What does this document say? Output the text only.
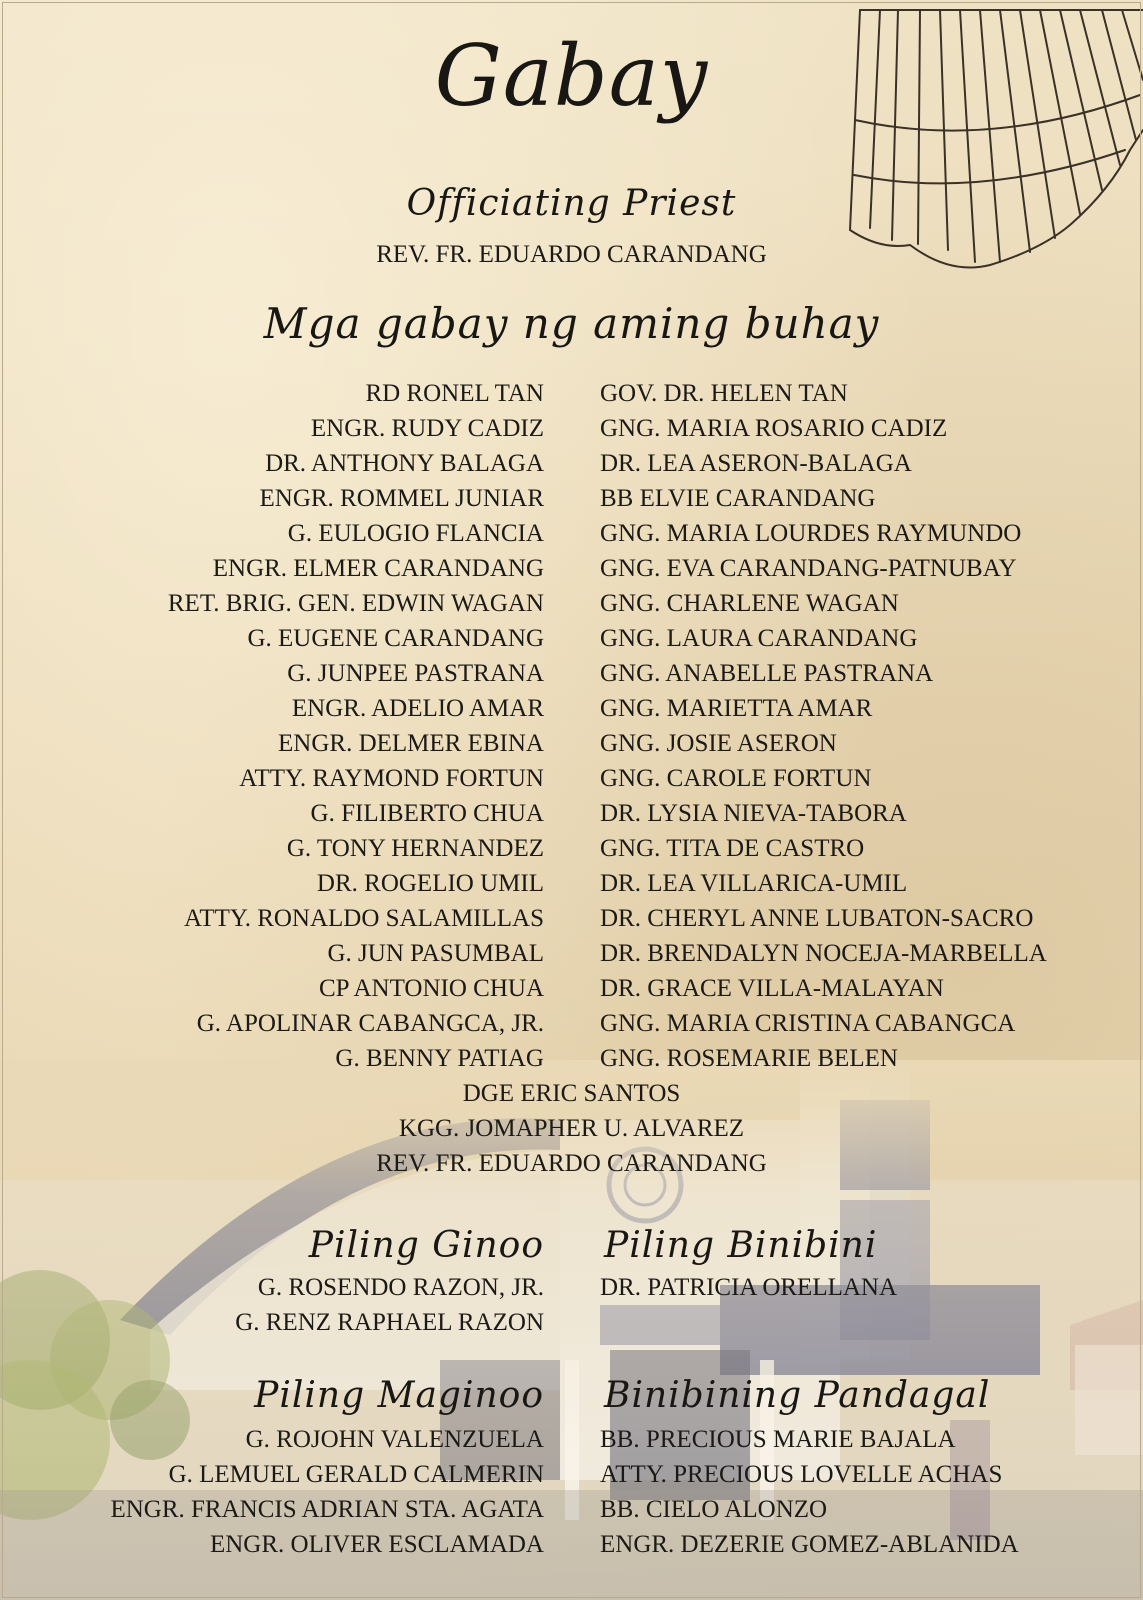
Gabay
Officiating Priest
REV. FR. EDUARDO CARANDANG
Mga gabay ng aming buhay
RD RONEL TAN GOV. DR. HELEN TAN
ENGR. RUDY CADIZ GNG. MARIA ROSARIO CADIZ
DR. ANTHONY BALAGA DR. LEA ASERON-BALAGA
ENGR. ROMMEL JUNIAR BB ELVIE CARANDANG
G. EULOGIO FLANCIA GNG. MARIA LOURDES RAYMUNDO
ENGR. ELMER CARANDANG GNG. EVA CARANDANG-PATNUBAY
RET. BRIG. GEN. EDWIN WAGAN GNG. CHARLENE WAGAN
G. EUGENE CARANDANG GNG. LAURA CARANDANG
G. JUNPEE PASTRANA GNG. ANABELLE PASTRANA
ENGR. ADELIO AMAR GNG. MARIETTA AMAR
ENGR. DELMER EBINA GNG. JOSIE ASERON
ATTY. RAYMOND FORTUN GNG. CAROLE FORTUN
G. FILIBERTO CHUA DR. LYSIA NIEVA-TABORA
G. TONY HERNANDEZ GNG. TITA DE CASTRO
DR. ROGELIO UMIL DR. LEA VILLARICA-UMIL
ATTY. RONALDO SALAMILLAS DR. CHERYL ANNE LUBATON-SACRO
G. JUN PASUMBAL DR. BRENDALYN NOCEJA-MARBELLA
CP ANTONIO CHUA DR. GRACE VILLA-MALAYAN
G. APOLINAR CABANGCA, JR. GNG. MARIA CRISTINA CABANGCA
G. BENNY PATIAG GNG. ROSEMARIE BELEN
DGE ERIC SANTOS
KGG. JOMAPHER U. ALVAREZ
REV. FR. EDUARDO CARANDANG
Piling Ginoo Piling Binibini
G. ROSENDO RAZON, JR. DR. PATRICIA ORELLANA
G. RENZ RAPHAEL RAZON
Piling Maginoo Binibining Pandagal
G. ROJOHN VALENZUELA BB. PRECIOUS MARIE BAJALA
G. LEMUEL GERALD CALMERIN ATTY. PRECIOUS LOVELLE ACHAS
ENGR. FRANCIS ADRIAN STA. AGATA BB. CIELO ALONZO
ENGR. OLIVER ESCLAMADA ENGR. DEZERIE GOMEZ-ABLANIDA
